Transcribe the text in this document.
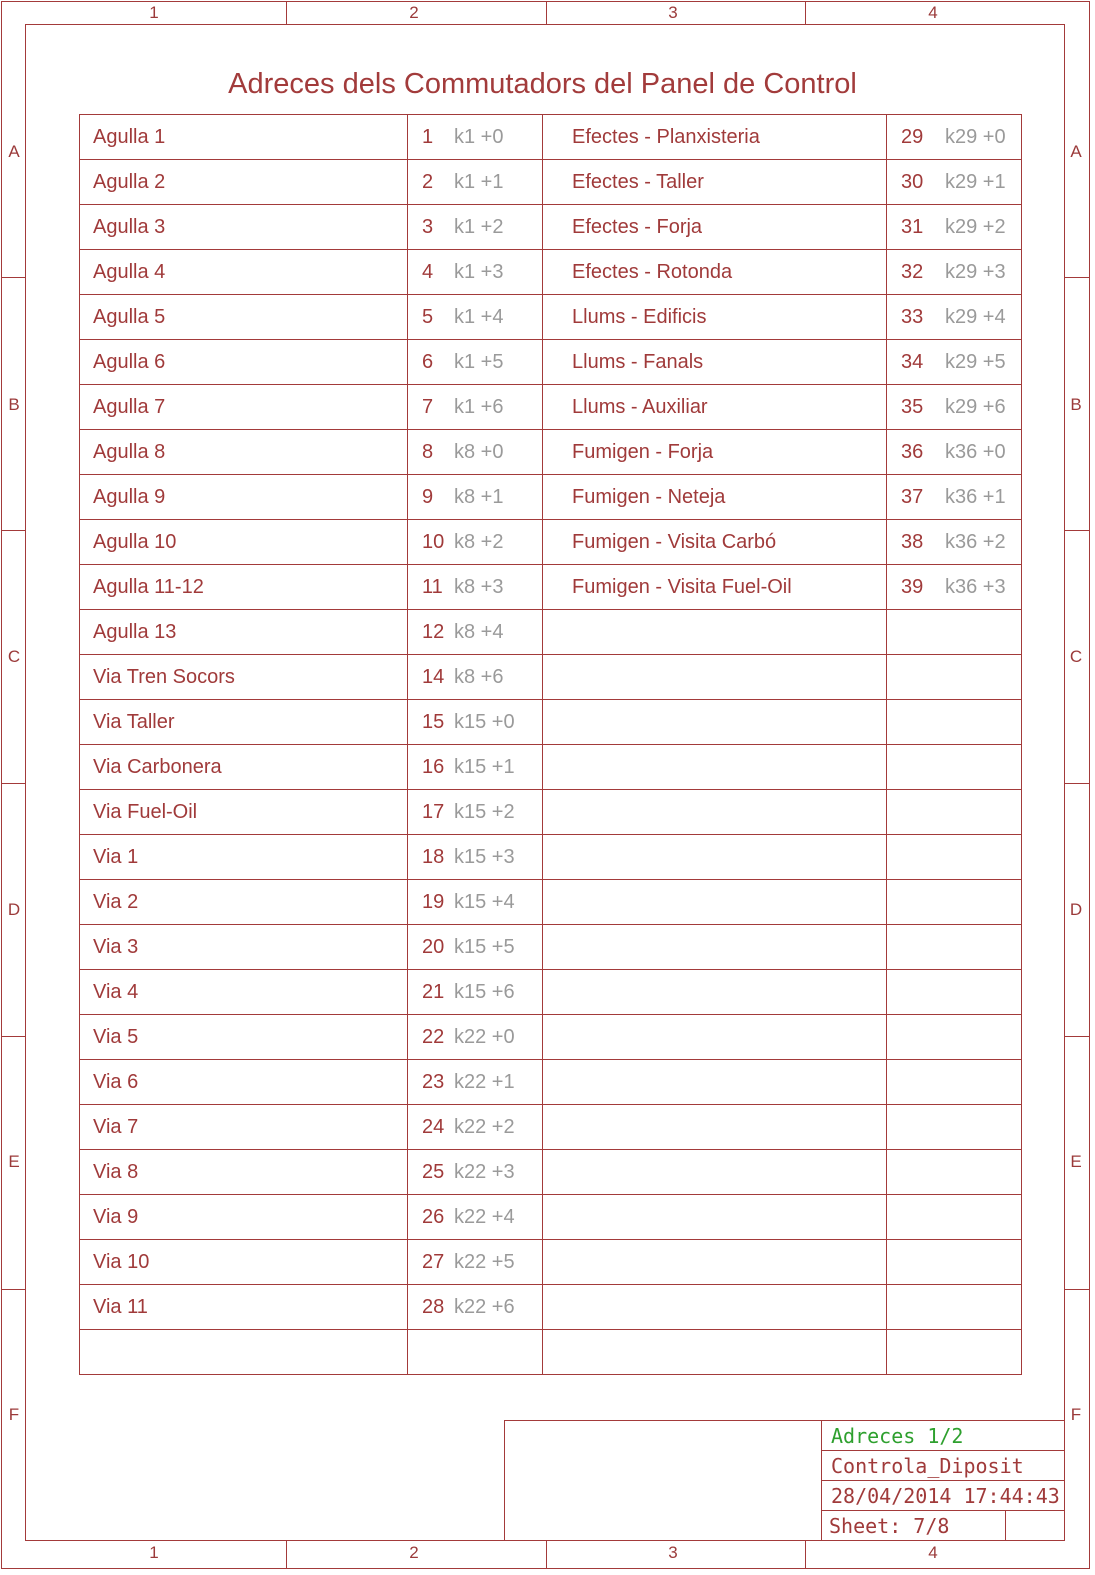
1	2	3	4
1	2	3	4
A
B
C
D
E
F
A
B
C
D
E
F
Adreces dels Commutadors del Panel de Control
Agulla 1	1 k1 +0	Efectes - Planxisteria	29 k29 +0
Agulla 2	2 k1 +1	Efectes - Taller	30 k29 +1
Agulla 3	3 k1 +2	Efectes - Forja	31 k29 +2
Agulla 4	4 k1 +3	Efectes - Rotonda	32 k29 +3
Agulla 5	5 k1 +4	Llums - Edificis	33 k29 +4
Agulla 6	6 k1 +5	Llums - Fanals	34 k29 +5
Agulla 7	7 k1 +6	Llums - Auxiliar	35 k29 +6
Agulla 8	8 k8 +0	Fumigen - Forja	36 k36 +0
Agulla 9	9 k8 +1	Fumigen - Neteja	37 k36 +1
Agulla 10	10 k8 +2	Fumigen - Visita Carbó	38 k36 +2
Agulla 11-12	11 k8 +3	Fumigen - Visita Fuel-Oil	39 k36 +3
Agulla 13	12 k8 +4		
Via Tren Socors	14 k8 +6		
Via Taller	15 k15 +0		
Via Carbonera	16 k15 +1		
Via Fuel-Oil	17 k15 +2		
Via 1	18 k15 +3		
Via 2	19 k15 +4		
Via 3	20 k15 +5		
Via 4	21 k15 +6		
Via 5	22 k22 +0		
Via 6	23 k22 +1		
Via 7	24 k22 +2		
Via 8	25 k22 +3		
Via 9	26 k22 +4		
Via 10	27 k22 +5		
Via 11	28 k22 +6		

Adreces 1/2
Controla_Diposit
28/04/2014 17:44:43
Sheet: 7/8
